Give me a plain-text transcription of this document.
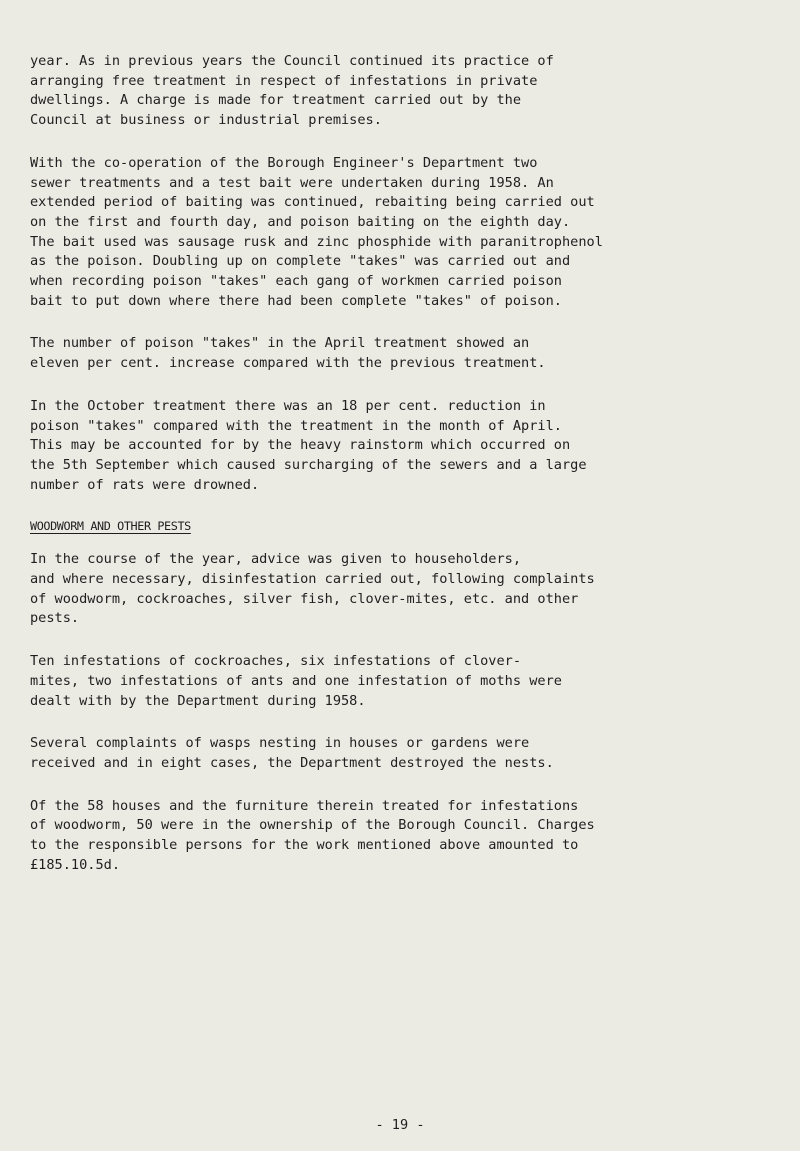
year. As in previous years the Council continued its practice of
arranging free treatment in respect of infestations in private
dwellings. A charge is made for treatment carried out by the
Council at business or industrial premises.

With the co-operation of the Borough Engineer's Department two
sewer treatments and a test bait were undertaken during 1958. An
extended period of baiting was continued, rebaiting being carried out
on the first and fourth day, and poison baiting on the eighth day.
The bait used was sausage rusk and zinc phosphide with paranitrophenol
as the poison. Doubling up on complete "takes" was carried out and
when recording poison "takes" each gang of workmen carried poison
bait to put down where there had been complete "takes" of poison.

The number of poison "takes" in the April treatment showed an
eleven per cent. increase compared with the previous treatment.

In the October treatment there was an 18 per cent. reduction in
poison "takes" compared with the treatment in the month of April.
This may be accounted for by the heavy rainstorm which occurred on
the 5th September which caused surcharging of the sewers and a large
number of rats were drowned.

WOODWORM AND OTHER PESTS

In the course of the year, advice was given to householders,
and where necessary, disinfestation carried out, following complaints
of woodworm, cockroaches, silver fish, clover-mites, etc. and other
pests.

Ten infestations of cockroaches, six infestations of clover-
mites, two infestations of ants and one infestation of moths were
dealt with by the Department during 1958.

Several complaints of wasps nesting in houses or gardens were
received and in eight cases, the Department destroyed the nests.

Of the 58 houses and the furniture therein treated for infestations
of woodworm, 50 were in the ownership of the Borough Council. Charges
to the responsible persons for the work mentioned above amounted to
£185.10.5d.

- 19 -
